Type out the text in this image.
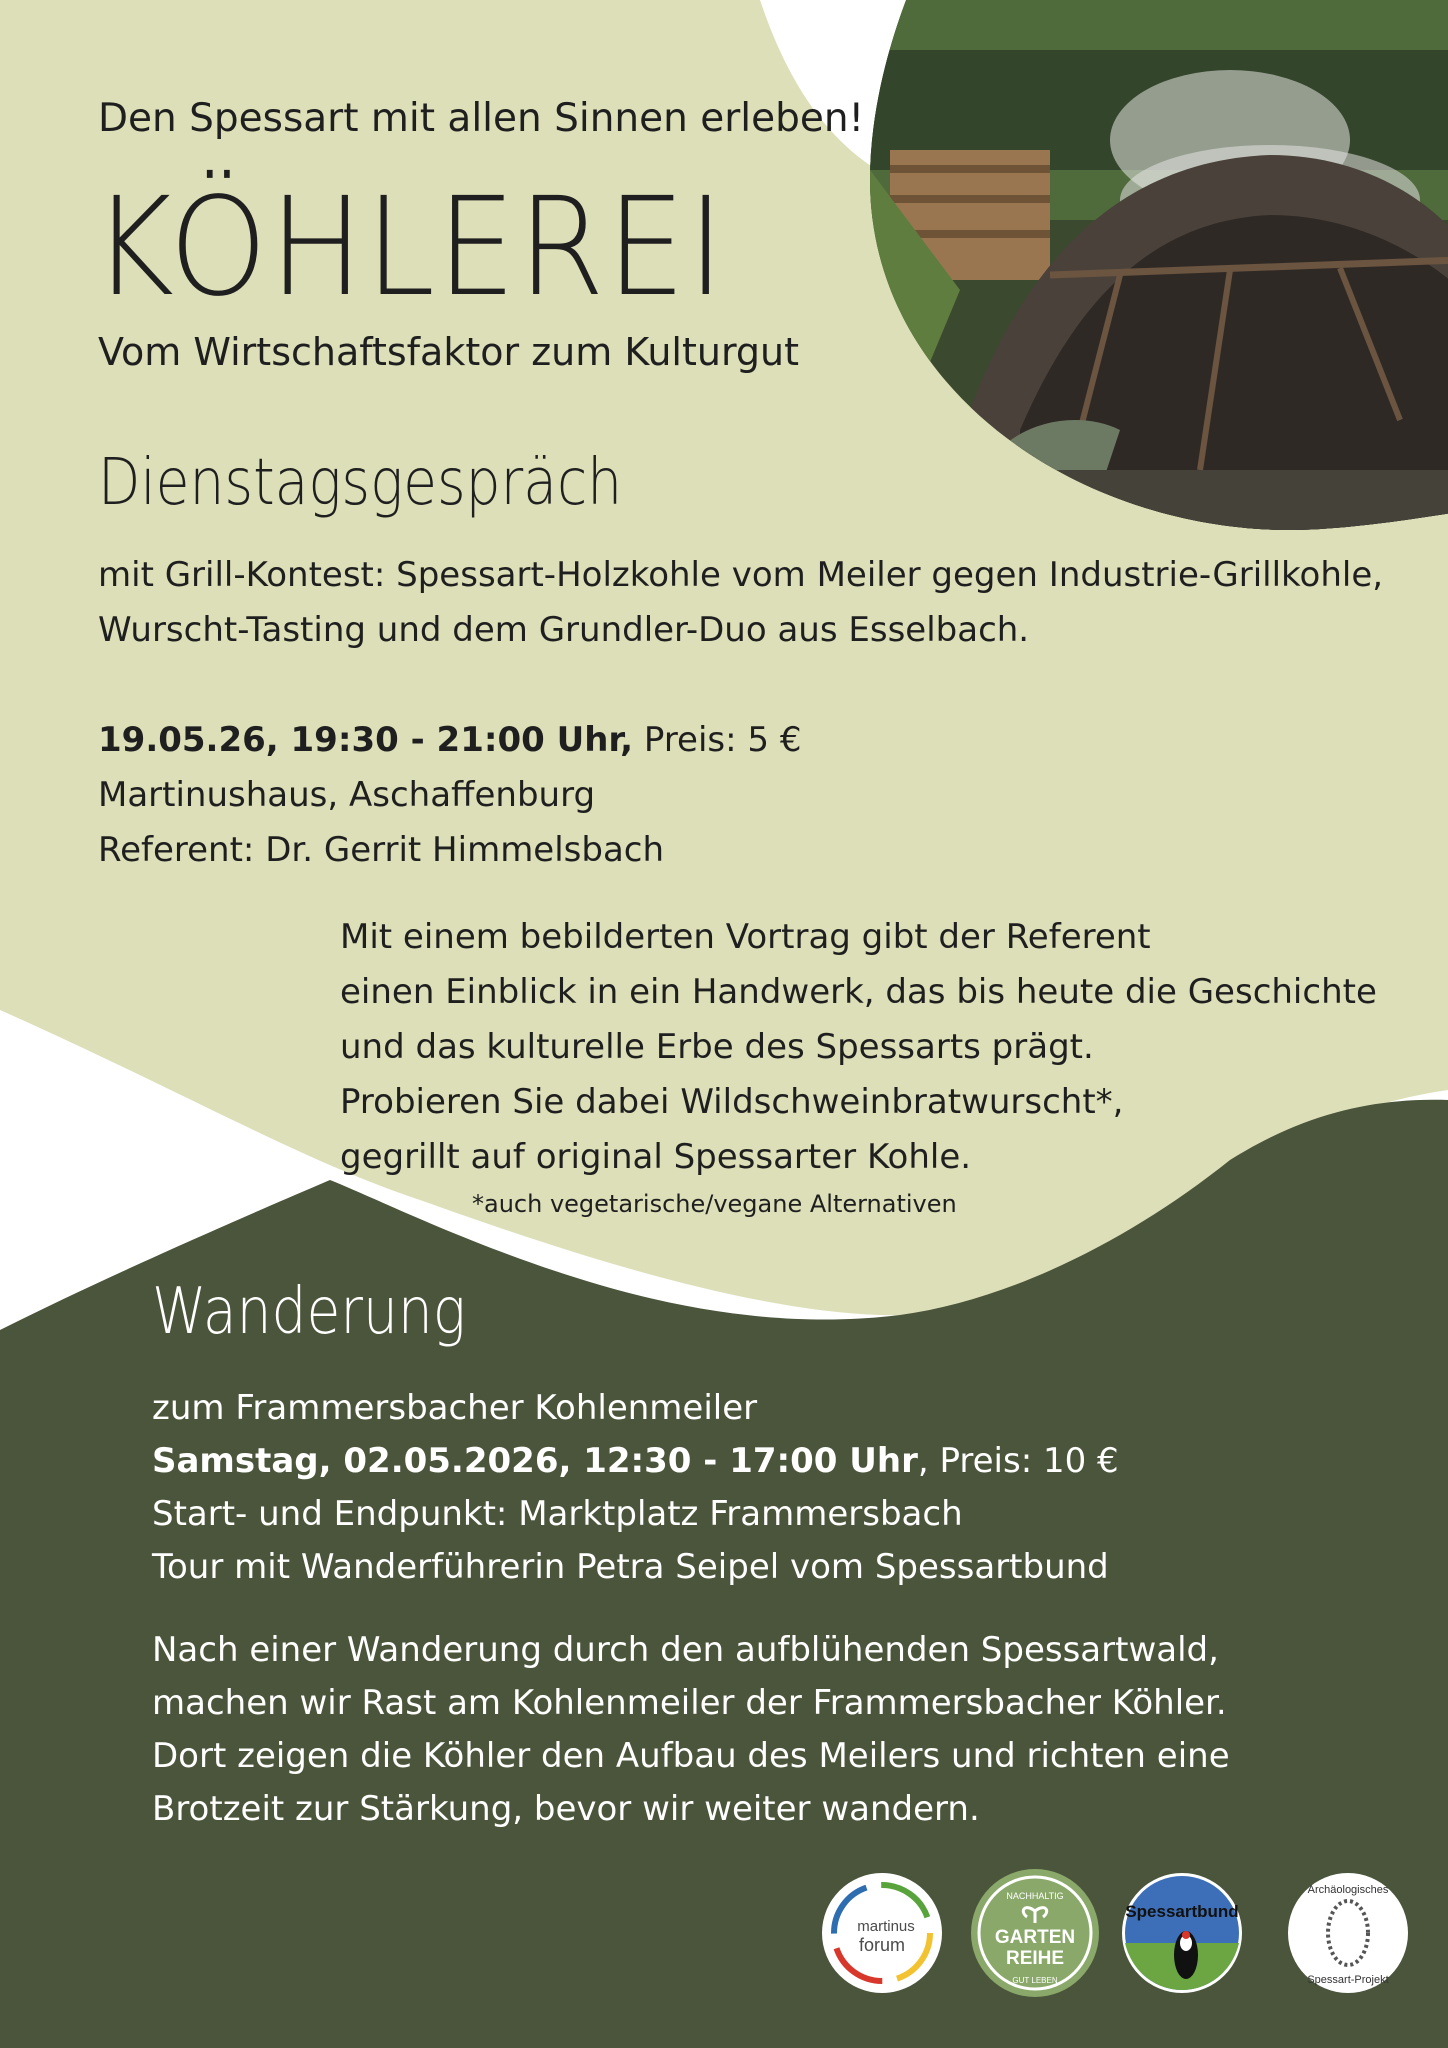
Den Spessart mit allen Sinnen erleben!
KÖHLEREI
Vom Wirtschaftsfaktor zum Kulturgut
Dienstagsgespräch
mit Grill-Kontest: Spessart-Holzkohle vom Meiler gegen Industrie-Grillkohle,
Wurscht-Tasting und dem Grundler-Duo aus Esselbach.
19.05.26, 19:30 - 21:00 Uhr, Preis: 5 €
Martinushaus, Aschaffenburg
Referent: Dr. Gerrit Himmelsbach
Mit einem bebilderten Vortrag gibt der Referent
einen Einblick in ein Handwerk, das bis heute die Geschichte
und das kulturelle Erbe des Spessarts prägt.
Probieren Sie dabei Wildschweinbratwurscht*,
gegrillt auf original Spessarter Kohle.
*auch vegetarische/vegane Alternativen
Wanderung
zum Frammersbacher Kohlenmeiler
Samstag, 02.05.2026, 12:30 - 17:00 Uhr, Preis: 10 €
Start- und Endpunkt: Marktplatz Frammersbach
Tour mit Wanderführerin Petra Seipel vom Spessartbund
Nach einer Wanderung durch den aufblühenden Spessartwald,
machen wir Rast am Kohlenmeiler der Frammersbacher Köhler.
Dort zeigen die Köhler den Aufbau des Meilers und richten eine
Brotzeit zur Stärkung, bevor wir weiter wandern.
martinus
forum
NACHHALTIG
GARTEN
REIHE
GUT LEBEN
Spessartbund
Archäologisches
Spessart-Projekt
